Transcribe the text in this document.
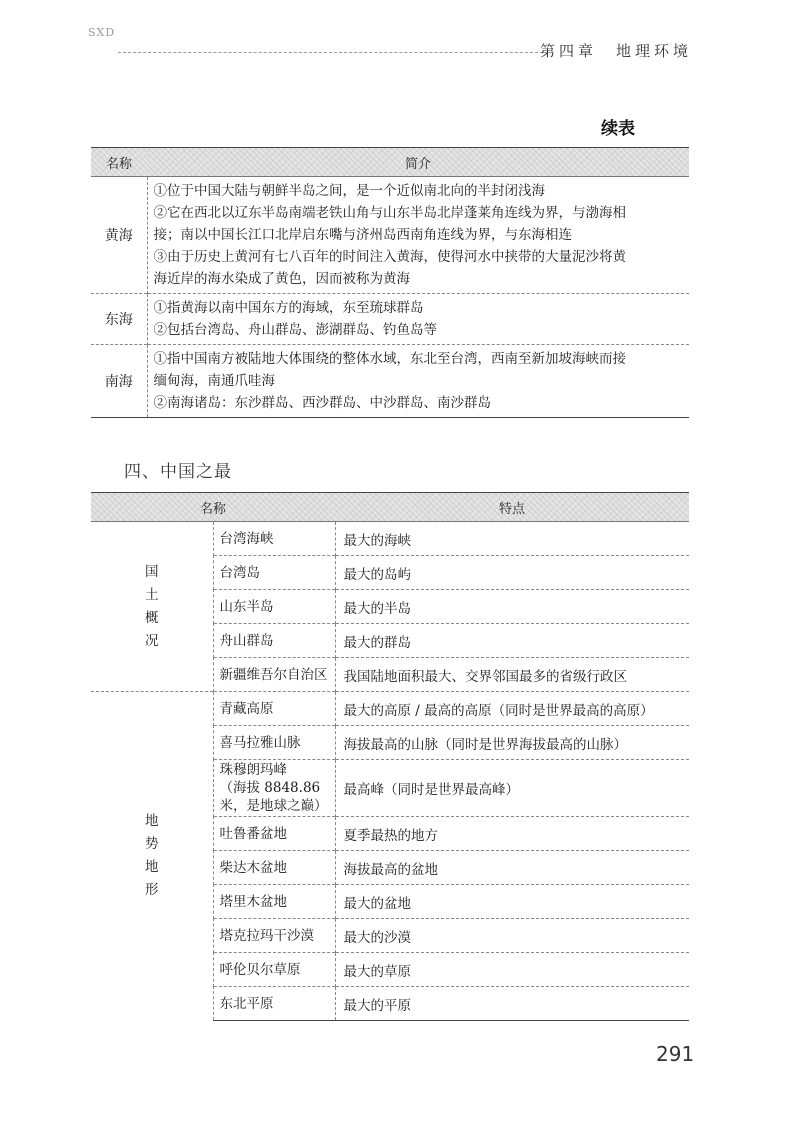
SXD
第四章　地理环境
续表
名称	简介
黄海	①位于中国大陆与朝鲜半岛之间，是一个近似南北向的半封闭浅海
②它在西北以辽东半岛南端老铁山角与山东半岛北岸蓬莱角连线为界，与渤海相
接；南以中国长江口北岸启东嘴与济州岛西南角连线为界，与东海相连
③由于历史上黄河有七八百年的时间注入黄海，使得河水中挟带的大量泥沙将黄
海近岸的海水染成了黄色，因而被称为黄海

东海	①指黄海以南中国东方的海域，东至琉球群岛
②包括台湾岛、舟山群岛、澎湖群岛、钓鱼岛等

南海	①指中国南方被陆地大体围绕的整体水域，东北至台湾，西南至新加坡海峡而接
缅甸海，南通爪哇海
②南海诸岛：东沙群岛、西沙群岛、中沙群岛、南沙群岛
四、中国之最
名称		特点

国
土
概
况	台湾海峡	最大的海峡
	台湾岛	最大的岛屿
	山东半岛	最大的半岛
	舟山群岛	最大的群岛
	新疆维吾尔自治区	我国陆地面积最大、交界邻国最多的省级行政区

地
势
地
形	青藏高原	最大的高原 / 最高的高原（同时是世界最高的高原）
	喜马拉雅山脉	海拔最高的山脉（同时是世界海拔最高的山脉）

	珠穆朗玛峰
（海拔 8848.86 米，是地球之巅）	最高峰（同时是世界最高峰）
	吐鲁番盆地	夏季最热的地方
	柴达木盆地	海拔最高的盆地
	塔里木盆地	最大的盆地
	塔克拉玛干沙漠	最大的沙漠
	呼伦贝尔草原	最大的草原
	东北平原	最大的平原
291
